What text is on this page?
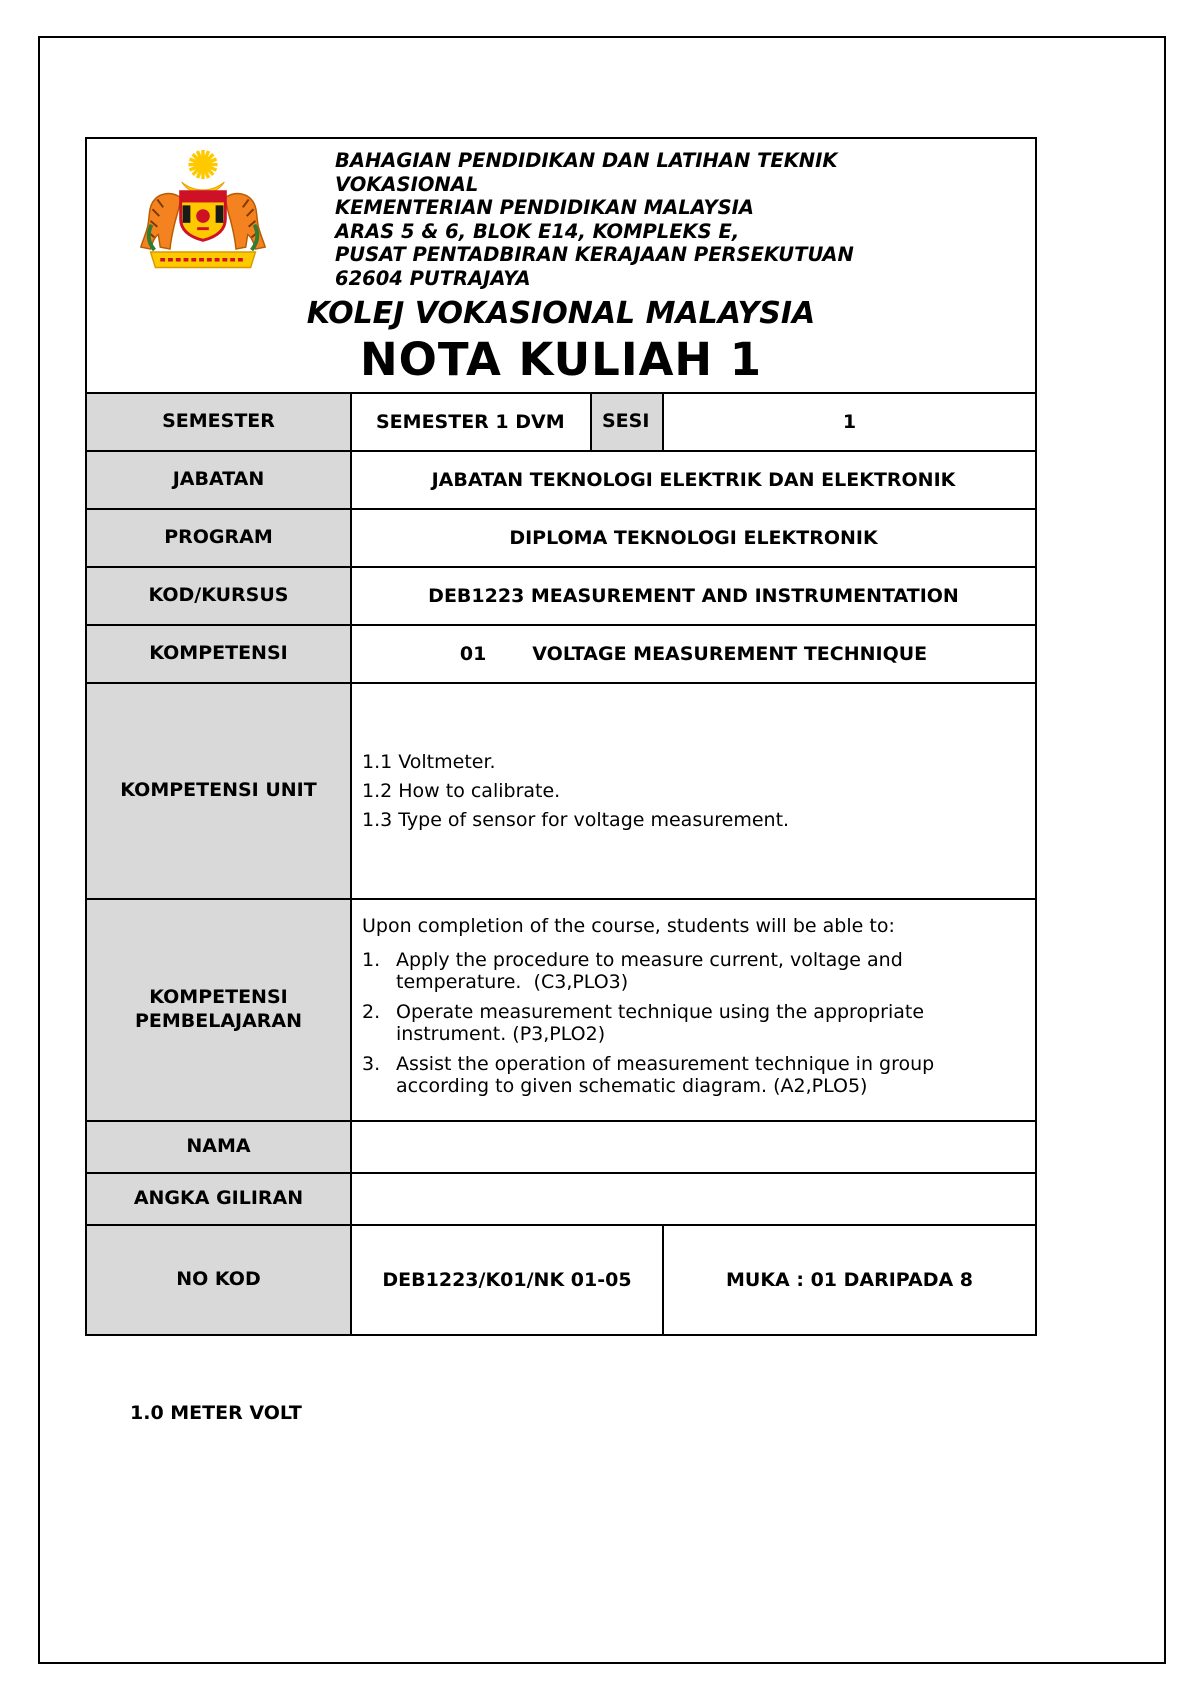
BAHAGIAN PENDIDIKAN DAN LATIHAN TEKNIK
VOKASIONAL
KEMENTERIAN PENDIDIKAN MALAYSIA
ARAS 5 & 6, BLOK E14, KOMPLEKS E,
PUSAT PENTADBIRAN KERAJAAN PERSEKUTUAN
62604 PUTRAJAYA
KOLEJ VOKASIONAL MALAYSIA
NOTA KULIAH 1

SEMESTER	SEMESTER 1 DVM	SESI	1
JABATAN	JABATAN TEKNOLOGI ELEKTRIK DAN ELEKTRONIK		
PROGRAM	DIPLOMA TEKNOLOGI ELEKTRONIK		
KOD/KURSUS	DEB1223 MEASUREMENT AND INSTRUMENTATION		
KOMPETENSI	01 VOLTAGE MEASUREMENT TECHNIQUE		
KOMPETENSI UNIT	1.1 Voltmeter.
1.2 How to calibrate.
1.3 Type of sensor for voltage measurement.		

KOMPETENSI PEMBELAJARAN	
Upon completion of the course, students will be able to:
1. Apply the procedure to measure current, voltage and temperature.  (C3,PLO3)
2. Operate measurement technique using the appropriate instrument. (P3,PLO2)
3. Assist the operation of measurement technique in group according to given schematic diagram. (A2,PLO5)

NAMA			
ANGKA GILIRAN			
NO KOD	DEB1223/K01/NK 01-05		MUKA : 01 DARIPADA 8
1.0 METER VOLT
